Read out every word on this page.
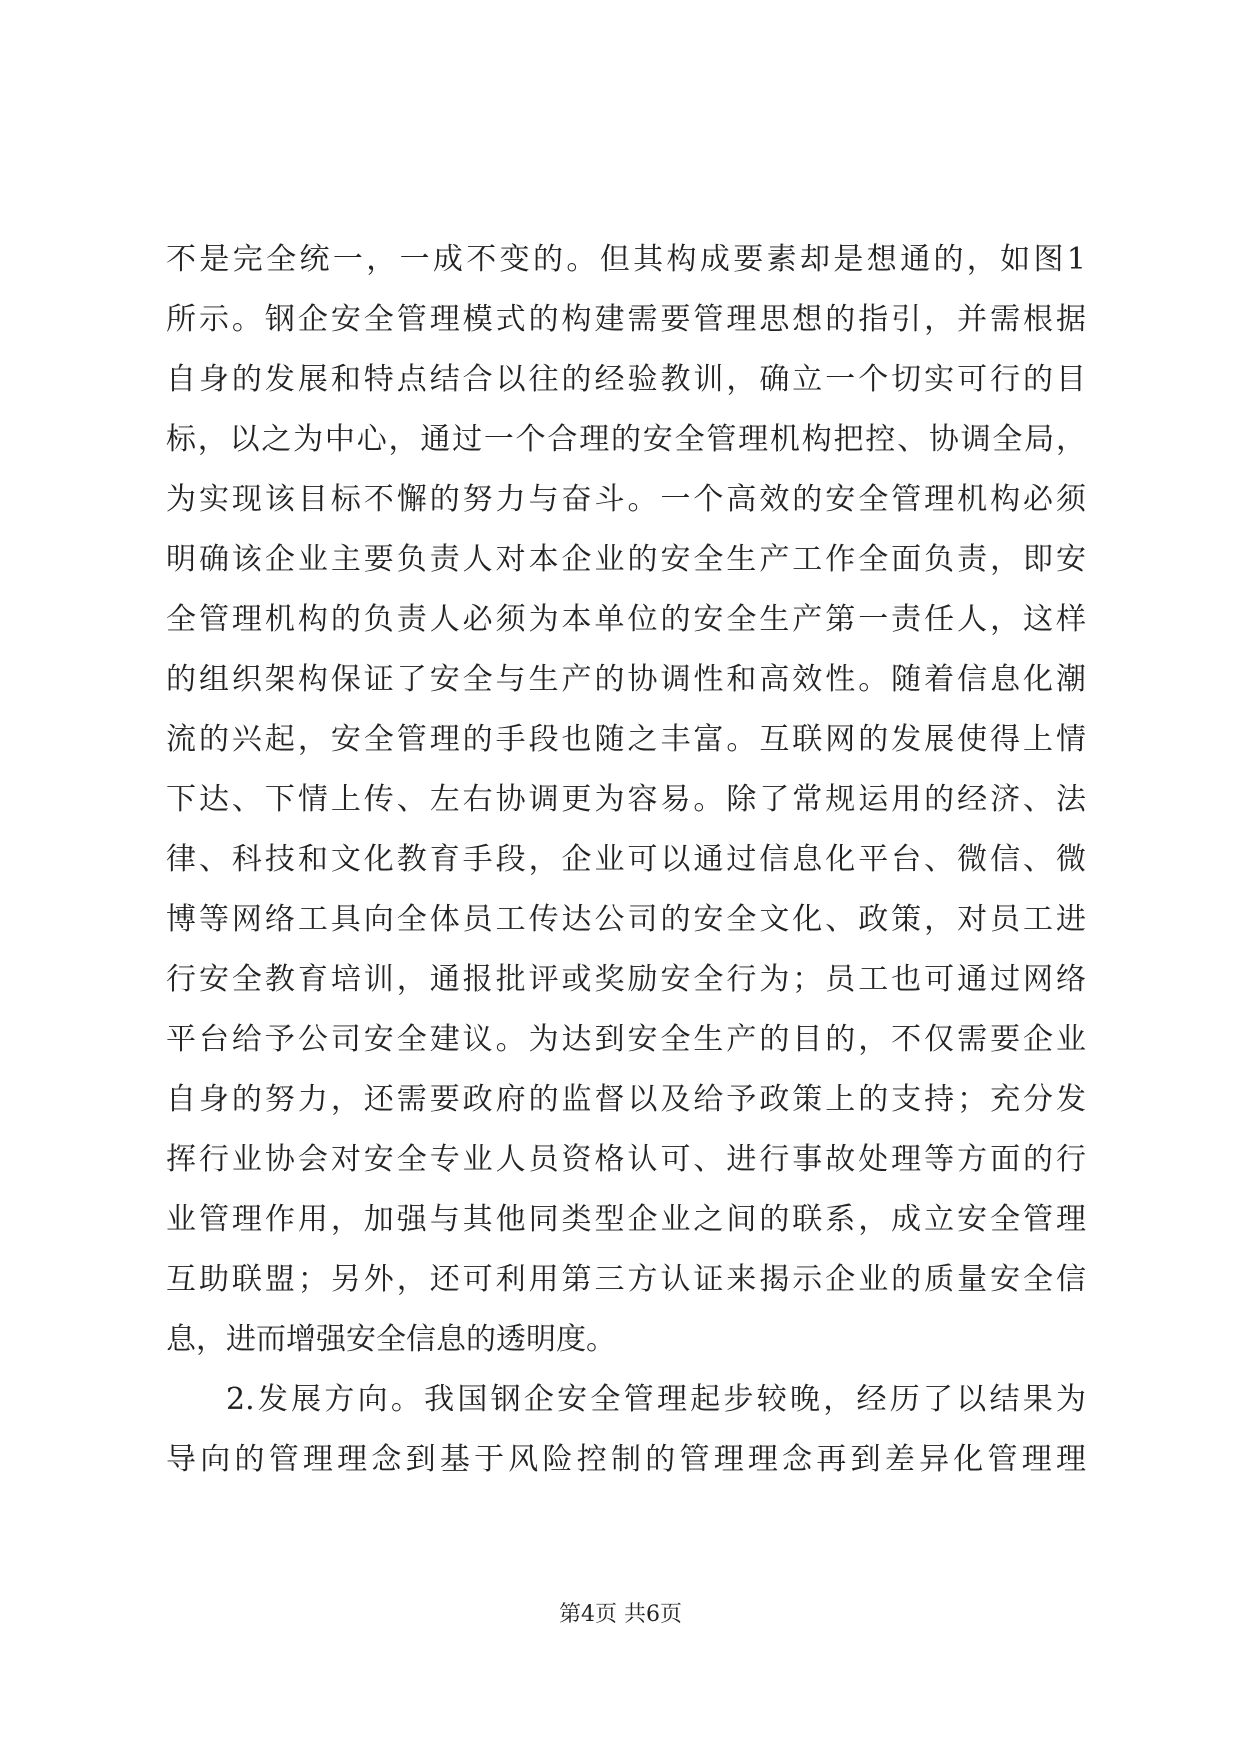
不是完全统一，一成不变的。但其构成要素却是想通的，如图1
所示。钢企安全管理模式的构建需要管理思想的指引，并需根据
自身的发展和特点结合以往的经验教训，确立一个切实可行的目
标，以之为中心，通过一个合理的安全管理机构把控、协调全局，
为实现该目标不懈的努力与奋斗。一个高效的安全管理机构必须
明确该企业主要负责人对本企业的安全生产工作全面负责，即安
全管理机构的负责人必须为本单位的安全生产第一责任人，这样
的组织架构保证了安全与生产的协调性和高效性。随着信息化潮
流的兴起，安全管理的手段也随之丰富。互联网的发展使得上情
下达、下情上传、左右协调更为容易。除了常规运用的经济、法
律、科技和文化教育手段，企业可以通过信息化平台、微信、微
博等网络工具向全体员工传达公司的安全文化、政策，对员工进
行安全教育培训，通报批评或奖励安全行为；员工也可通过网络
平台给予公司安全建议。为达到安全生产的目的，不仅需要企业
自身的努力，还需要政府的监督以及给予政策上的支持；充分发
挥行业协会对安全专业人员资格认可、进行事故处理等方面的行
业管理作用，加强与其他同类型企业之间的联系，成立安全管理
互助联盟；另外，还可利用第三方认证来揭示企业的质量安全信
息，进而增强安全信息的透明度。
2.发展方向。我国钢企安全管理起步较晚，经历了以结果为
导向的管理理念到基于风险控制的管理理念再到差异化管理理
第4页 共6页
